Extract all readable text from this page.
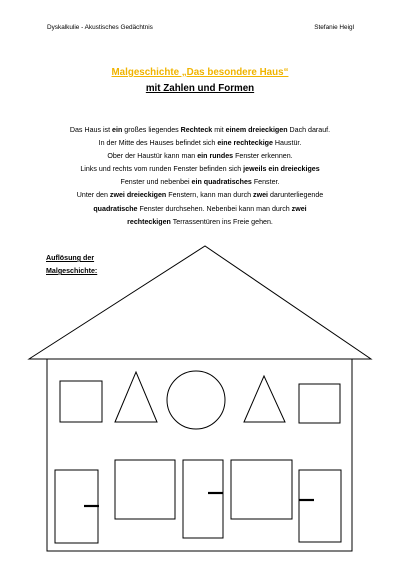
Dyskalkulie - Akustisches Gedächtnis	Stefanie Heigl
Malgeschichte „Das besondere Haus“
mit Zahlen und Formen

Das Haus ist ein großes liegendes Rechteck mit einem dreieckigen Dach darauf.

In der Mitte des Hauses befindet sich eine rechteckige Haustür.

Ober der Haustür kann man ein rundes Fenster erkennen.

Links und rechts vom runden Fenster befinden sich jeweils ein dreieckiges

Fenster und nebenbei ein quadratisches Fenster.

Unter den zwei dreieckigen Fenstern, kann man durch zwei darunterliegende

quadratische Fenster durchsehen. Nebenbei kann man durch zwei

rechteckigen Terrassentüren ins Freie gehen.

Auflösung der
Malgeschichte:
